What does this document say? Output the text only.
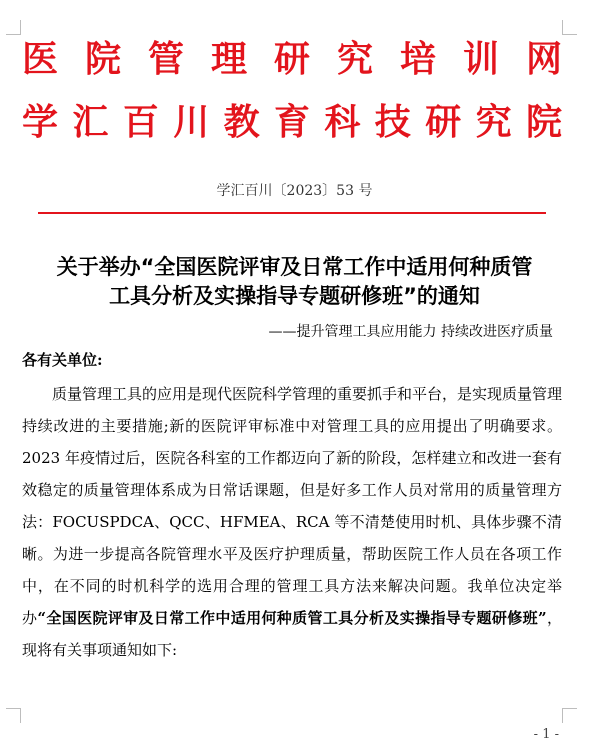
医院管理研究培训网
学汇百川教育科技研究院
学汇百川〔2023〕53 号
关于举办“全国医院评审及日常工作中适用何种质管
工具分析及实操指导专题研修班”的通知
——提升管理工具应用能力 持续改进医疗质量
各有关单位:

质量管理工具的应用是现代医院科学管理的重要抓手和平台，是实现质量管理持续改进的主要措施;新的医院评审标准中对管理工具的应用提出了明确要求。2023 年疫情过后，医院各科室的工作都迈向了新的阶段，怎样建立和改进一套有效稳定的质量管理体系成为日常话课题，但是好多工作人员对常用的质量管理方法：FOCUSPDCA、QCC、HFMEA、RCA 等不清楚使用时机、具体步骤不清晰。为进一步提高各院管理水平及医疗护理质量，帮助医院工作人员在各项工作中，在不同的时机科学的选用合理的管理工具方法来解决问题。我单位决定举办“全国医院评审及日常工作中适用何种质管工具分析及实操指导专题研修班”，现将有关事项通知如下:

- 1 -
